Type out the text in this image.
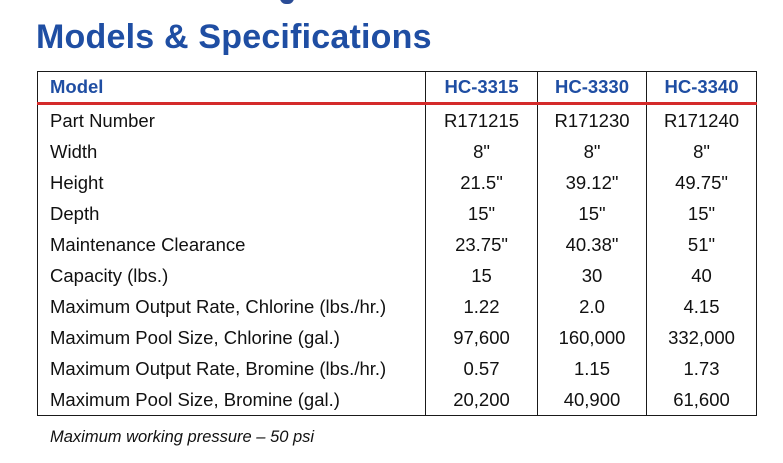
Models & Specifications
Model	HC-3315	HC-3330	HC-3340
Part Number	R171215	R171230	R171240
Width	8"	8"	8"
Height	21.5"	39.12"	49.75"
Depth	15"	15"	15"
Maintenance Clearance	23.75"	40.38"	51"
Capacity (lbs.)	15	30	40
Maximum Output Rate, Chlorine (lbs./hr.)	1.22	2.0	4.15
Maximum Pool Size, Chlorine (gal.)	97,600	160,000	332,000
Maximum Output Rate, Bromine (lbs./hr.)	0.57	1.15	1.73
Maximum Pool Size, Bromine (gal.)	20,200	40,900	61,600
Maximum working pressure – 50 psi
